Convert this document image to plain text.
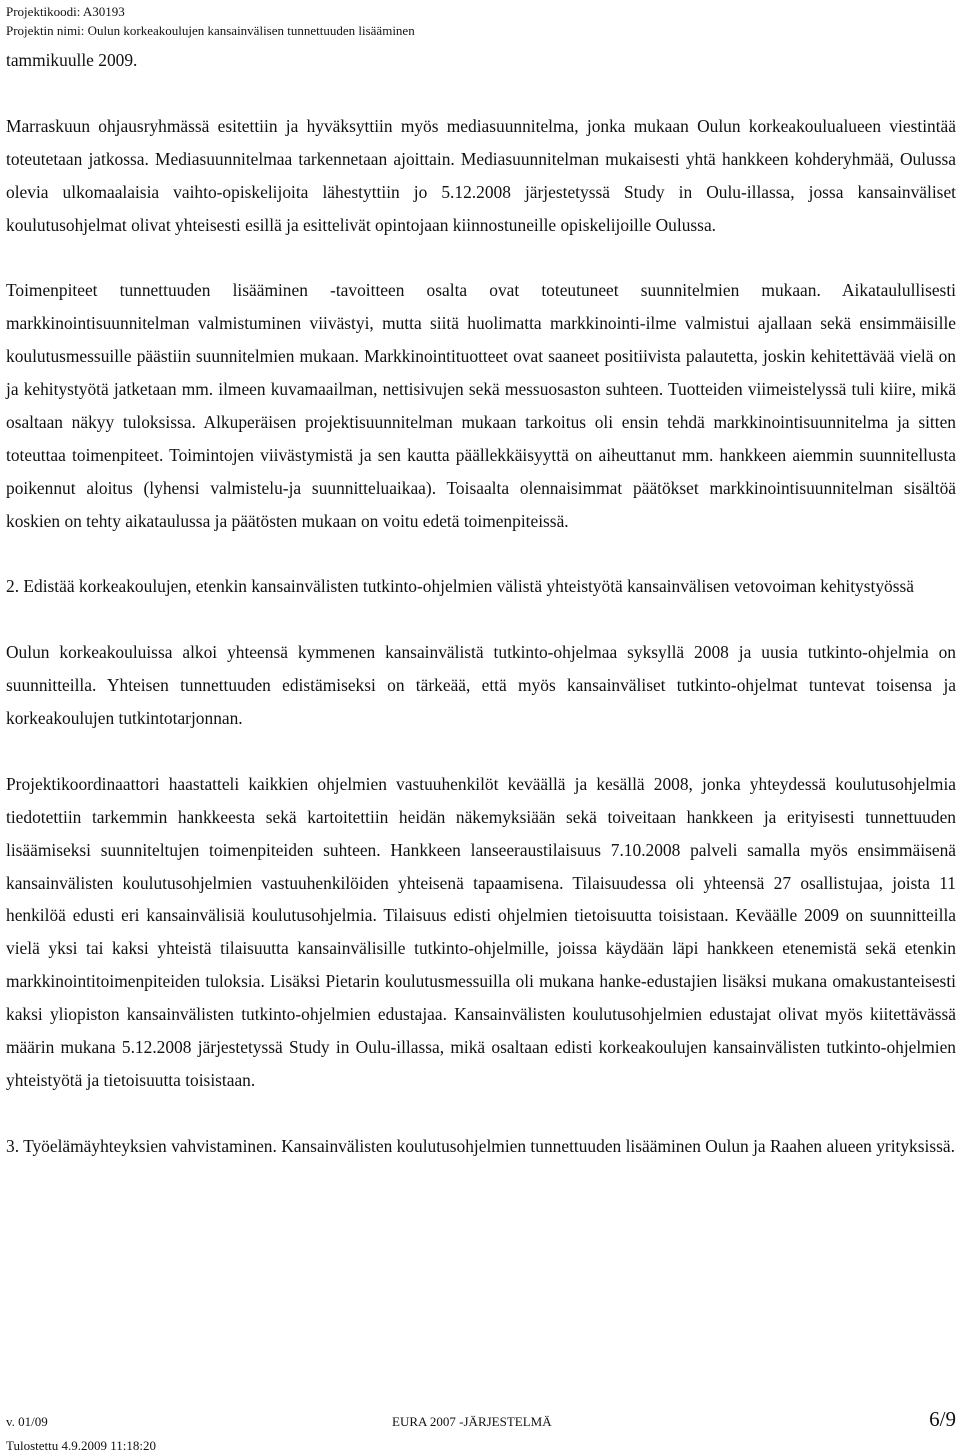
Projektikoodi: A30193
Projektin nimi: Oulun korkeakoulujen kansainvälisen tunnettuuden lisääminen

tammikuulle 2009.

Marraskuun ohjausryhmässä esitettiin ja hyväksyttiin myös mediasuunnitelma, jonka mukaan Oulun korkeakoulualueen viestintää toteutetaan jatkossa. Mediasuunnitelmaa tarkennetaan ajoittain. Mediasuunnitelman mukaisesti yhtä hankkeen kohderyhmää, Oulussa olevia ulkomaalaisia vaihto-opiskelijoita lähestyttiin jo 5.12.2008 järjestetyssä Study in Oulu-illassa, jossa kansainväliset koulutusohjelmat olivat yhteisesti esillä ja esittelivät opintojaan kiinnostuneille opiskelijoille Oulussa.

Toimenpiteet tunnettuuden lisääminen -tavoitteen osalta ovat toteutuneet suunnitelmien mukaan. Aikataulullisesti markkinointisuunnitelman valmistuminen viivästyi, mutta siitä huolimatta markkinointi-ilme valmistui ajallaan sekä ensimmäisille koulutusmessuille päästiin suunnitelmien mukaan. Markkinointituotteet ovat saaneet positiivista palautetta, joskin kehitettävää vielä on ja kehitystyötä jatketaan mm. ilmeen kuvamaailman, nettisivujen sekä messuosaston suhteen. Tuotteiden viimeistelyssä tuli kiire, mikä osaltaan näkyy tuloksissa. Alkuperäisen projektisuunnitelman mukaan tarkoitus oli ensin tehdä markkinointisuunnitelma ja sitten toteuttaa toimenpiteet. Toimintojen viivästymistä ja sen kautta päällekkäisyyttä on aiheuttanut mm. hankkeen aiemmin suunnitellusta poikennut aloitus (lyhensi valmistelu-ja suunnitteluaikaa). Toisaalta olennaisimmat päätökset markkinointisuunnitelman sisältöä koskien on tehty aikataulussa ja päätösten mukaan on voitu edetä toimenpiteissä.

2. Edistää korkeakoulujen, etenkin kansainvälisten tutkinto-ohjelmien välistä yhteistyötä kansainvälisen vetovoiman kehitystyössä

Oulun korkeakouluissa alkoi yhteensä kymmenen kansainvälistä tutkinto-ohjelmaa syksyllä 2008 ja uusia tutkinto-ohjelmia on suunnitteilla. Yhteisen tunnettuuden edistämiseksi on tärkeää, että myös kansainväliset tutkinto-ohjelmat tuntevat toisensa ja korkeakoulujen tutkintotarjonnan.

Projektikoordinaattori haastatteli kaikkien ohjelmien vastuuhenkilöt keväällä ja kesällä 2008, jonka yhteydessä koulutusohjelmia tiedotettiin tarkemmin hankkeesta sekä kartoitettiin heidän näkemyksiään sekä toiveitaan hankkeen ja erityisesti tunnettuuden lisäämiseksi suunniteltujen toimenpiteiden suhteen. Hankkeen lanseeraustilaisuus 7.10.2008 palveli samalla myös ensimmäisenä kansainvälisten koulutusohjelmien vastuuhenkilöiden yhteisenä tapaamisena. Tilaisuudessa oli yhteensä 27 osallistujaa, joista 11 henkilöä edusti eri kansainvälisiä koulutusohjelmia. Tilaisuus edisti ohjelmien tietoisuutta toisistaan. Keväälle 2009 on suunnitteilla vielä yksi tai kaksi yhteistä tilaisuutta kansainvälisille tutkinto-ohjelmille, joissa käydään läpi hankkeen etenemistä sekä etenkin markkinointitoimenpiteiden tuloksia. Lisäksi Pietarin koulutusmessuilla oli mukana hanke-edustajien lisäksi mukana omakustanteisesti kaksi yliopiston kansainvälisten tutkinto-ohjelmien edustajaa. Kansainvälisten koulutusohjelmien edustajat olivat myös kiitettävässä määrin mukana 5.12.2008 järjestetyssä Study in Oulu-illassa, mikä osaltaan edisti korkeakoulujen kansainvälisten tutkinto-ohjelmien yhteistyötä ja tietoisuutta toisistaan.

3. Työelämäyhteyksien vahvistaminen. Kansainvälisten koulutusohjelmien tunnettuuden lisääminen Oulun ja Raahen alueen yrityksissä.

v. 01/09	EURA 2007 -JÄRJESTELMÄ	6/9
Tulostettu 4.9.2009 11:18:20
